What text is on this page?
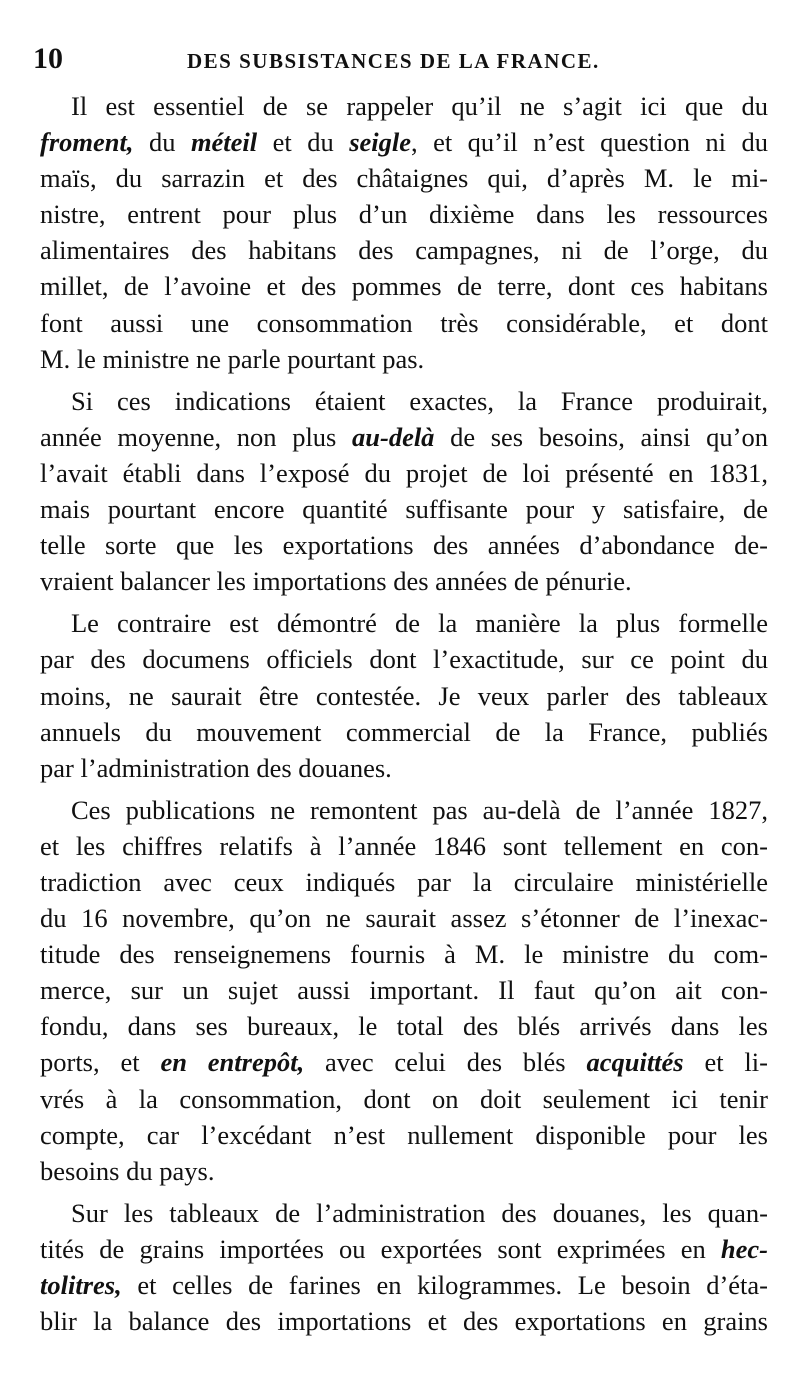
10	DES SUBSISTANCES DE LA FRANCE.
Il est essentiel de se rappeler qu’il ne s’agit ici que du
froment, du méteil et du seigle, et qu’il n’est question ni du
maïs, du sarrazin et des châtaignes qui, d’après M. le mi-
nistre, entrent pour plus d’un dixième dans les ressources
alimentaires des habitans des campagnes, ni de l’orge, du
millet, de l’avoine et des pommes de terre, dont ces habitans
font aussi une consommation très considérable, et dont
M. le ministre ne parle pourtant pas.
Si ces indications étaient exactes, la France produirait,
année moyenne, non plus au-delà de ses besoins, ainsi qu’on
l’avait établi dans l’exposé du projet de loi présenté en 1831,
mais pourtant encore quantité suffisante pour y satisfaire, de
telle sorte que les exportations des années d’abondance de-
vraient balancer les importations des années de pénurie.
Le contraire est démontré de la manière la plus formelle
par des documens officiels dont l’exactitude, sur ce point du
moins, ne saurait être contestée. Je veux parler des tableaux
annuels du mouvement commercial de la France, publiés
par l’administration des douanes.
Ces publications ne remontent pas au-delà de l’année 1827,
et les chiffres relatifs à l’année 1846 sont tellement en con-
tradiction avec ceux indiqués par la circulaire ministérielle
du 16 novembre, qu’on ne saurait assez s’étonner de l’inexac-
titude des renseignemens fournis à M. le ministre du com-
merce, sur un sujet aussi important. Il faut qu’on ait con-
fondu, dans ses bureaux, le total des blés arrivés dans les
ports, et en entrepôt, avec celui des blés acquittés et li-
vrés à la consommation, dont on doit seulement ici tenir
compte, car l’excédant n’est nullement disponible pour les
besoins du pays.
Sur les tableaux de l’administration des douanes, les quan-
tités de grains importées ou exportées sont exprimées en hec-
tolitres, et celles de farines en kilogrammes. Le besoin d’éta-
blir la balance des importations et des exportations en grains
